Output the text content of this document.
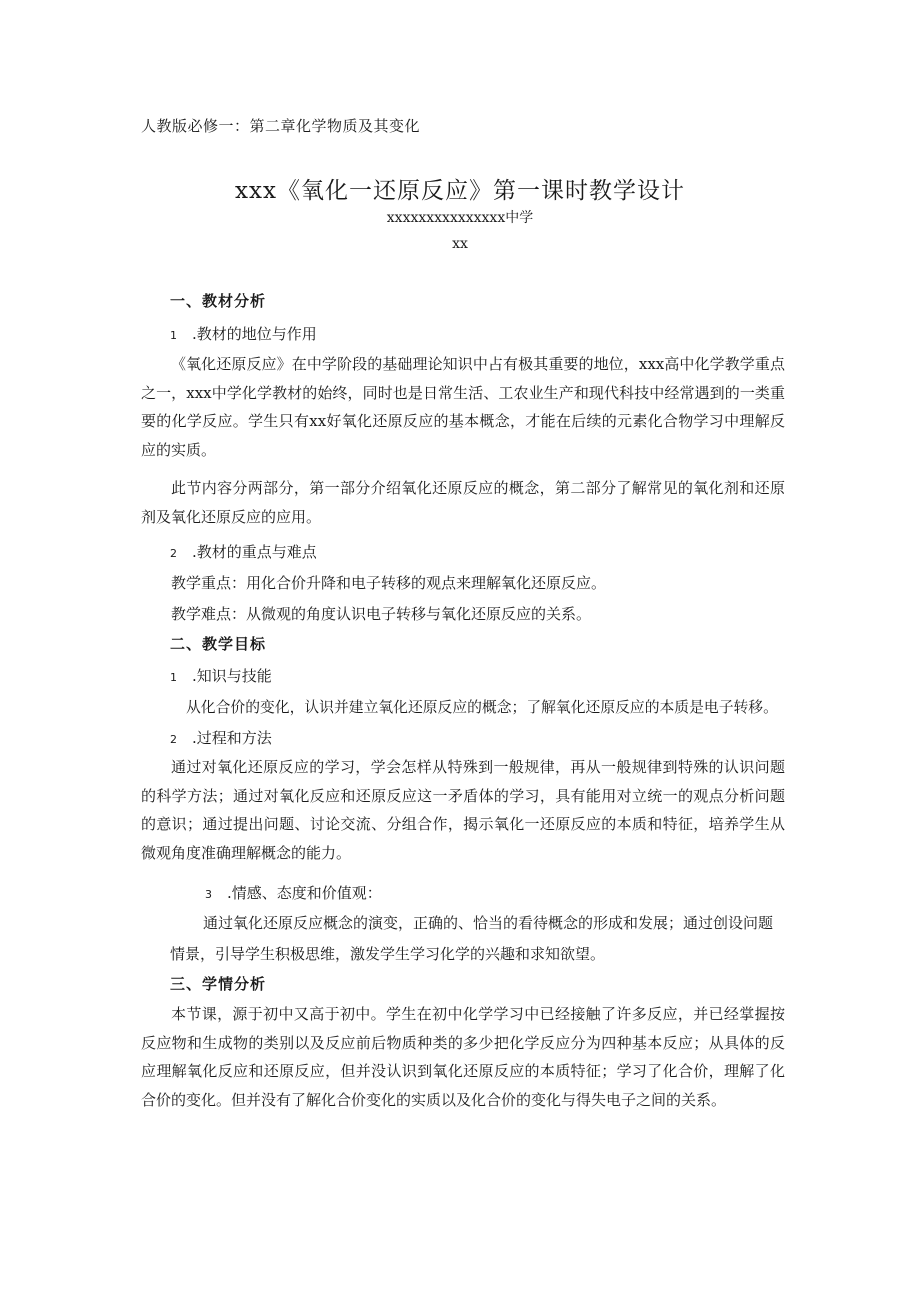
人教版必修一：第二章化学物质及其变化
xxx《氧化一还原反应》第一课时教学设计
xxxxxxxxxxxxxxx中学
xx
一、教材分析
1 .教材的地位与作用

《氧化还原反应》在中学阶段的基础理论知识中占有极其重要的地位，xxx高中化学教学重点之一，xxx中学化学教材的始终，同时也是日常生活、工农业生产和现代科技中经常遇到的一类重要的化学反应。学生只有xx好氧化还原反应的基本概念，才能在后续的元素化合物学习中理解反应的实质。

此节内容分两部分，第一部分介绍氧化还原反应的概念，第二部分了解常见的氧化剂和还原剂及氧化还原反应的应用。

2 .教材的重点与难点
教学重点：用化合价升降和电子转移的观点来理解氧化还原反应。
教学难点：从微观的角度认识电子转移与氧化还原反应的关系。
二、教学目标
1 .知识与技能
从化合价的变化，认识并建立氧化还原反应的概念；了解氧化还原反应的本质是电子转移。
2 .过程和方法

通过对氧化还原反应的学习，学会怎样从特殊到一般规律，再从一般规律到特殊的认识问题的科学方法；通过对氧化反应和还原反应这一矛盾体的学习，具有能用对立统一的观点分析问题的意识；通过提出问题、讨论交流、分组合作，揭示氧化一还原反应的本质和特征，培养学生从微观角度准确理解概念的能力。

3 .情感、态度和价值观：
通过氧化还原反应概念的演变，正确的、恰当的看待概念的形成和发展；通过创设问题
情景，引导学生积极思维，激发学生学习化学的兴趣和求知欲望。
三、学情分析

本节课，源于初中又高于初中。学生在初中化学学习中已经接触了许多反应，并已经掌握按反应物和生成物的类别以及反应前后物质种类的多少把化学反应分为四种基本反应；从具体的反应理解氧化反应和还原反应，但并没认识到氧化还原反应的本质特征；学习了化合价，理解了化合价的变化。但并没有了解化合价变化的实质以及化合价的变化与得失电子之间的关系。
